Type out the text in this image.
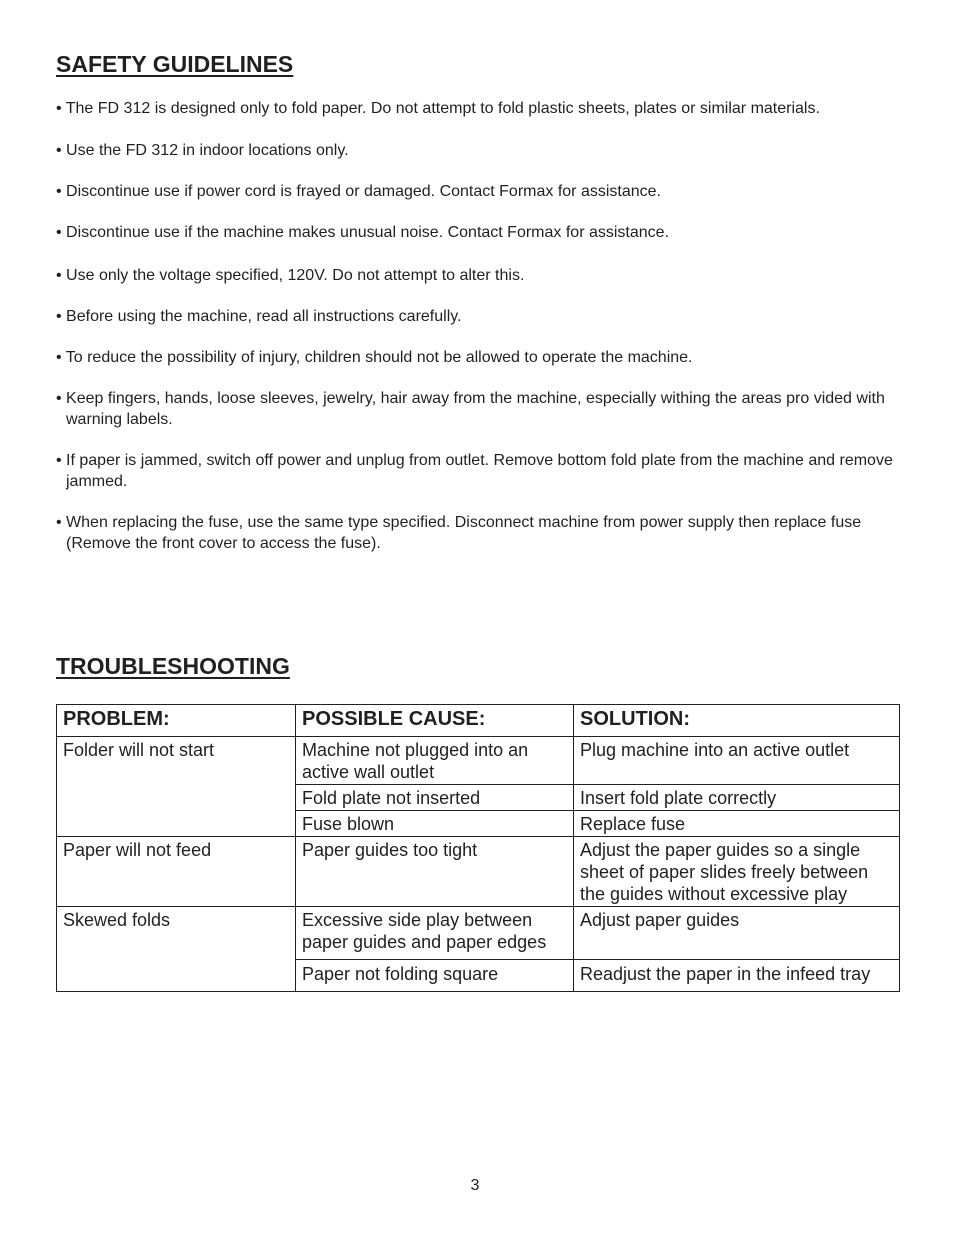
SAFETY GUIDELINES
• The FD 312 is designed only to fold paper. Do not attempt to fold plastic sheets, plates or similar materials.
• Use the FD 312 in indoor locations only.
• Discontinue use if power cord is frayed or damaged. Contact Formax for assistance.
• Discontinue use if the machine makes unusual noise. Contact Formax for assistance.
• Use only the voltage specified, 120V. Do not attempt to alter this.
• Before using the machine, read all instructions carefully.
• To reduce the possibility of injury, children should not be allowed to operate the machine.
• Keep fingers, hands, loose sleeves, jewelry, hair away from the machine, especially withing the areas pro vided with warning labels.
• If paper is jammed, switch off power and unplug from outlet. Remove bottom fold plate from the machine and remove jammed.
• When replacing the fuse, use the same type specified. Disconnect machine from power supply then replace fuse (Remove the front cover to access the fuse).
TROUBLESHOOTING
PROBLEM:	POSSIBLE CAUSE:	SOLUTION:
Folder will not start	Machine not plugged into an active wall outlet	Plug machine into an active outlet
	Fold plate not inserted	Insert fold plate correctly
	Fuse blown	Replace fuse
Paper will not feed	Paper guides too tight	Adjust the paper guides so a single sheet of paper slides freely between the guides without excessive play
Skewed folds	Excessive side play between paper guides and paper edges	Adjust paper guides
	Paper not folding square	Readjust the paper in the infeed tray
3
